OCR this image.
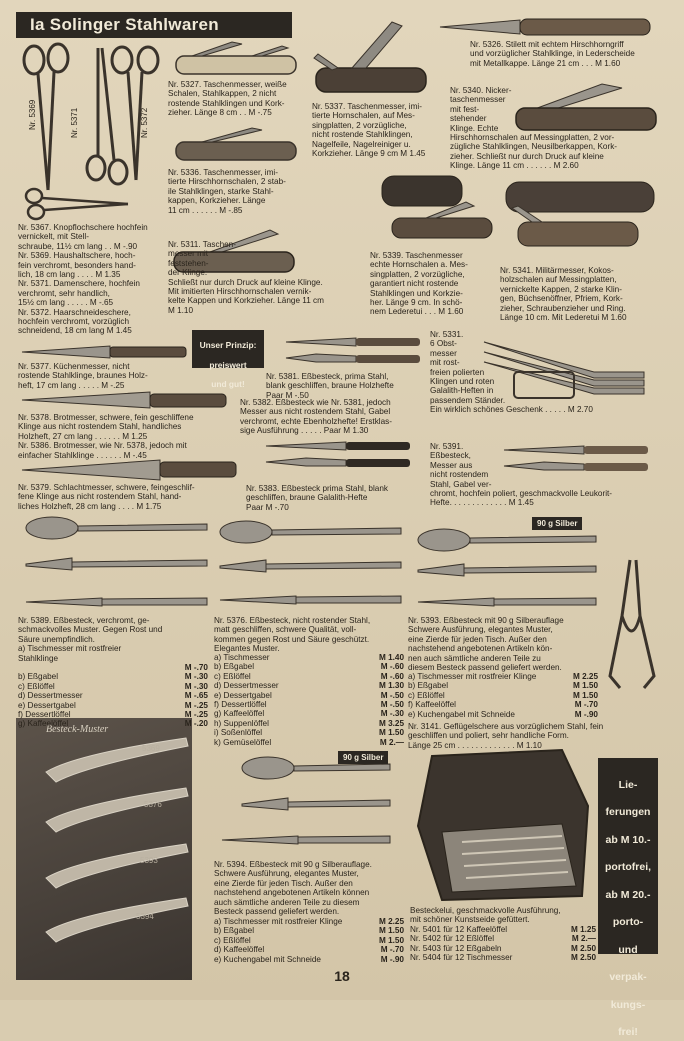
Ia Solinger Stahlwaren
Nr. 5369	Nr. 5371	Nr. 5372
Besteck-Muster
5369
5376
5393
5394

Nr. 5367. Knopflochschere hochfein vernickelt, mit Stell-

schraube, 11½ cm lang . . M -.90

Nr. 5369. Haushaltschere, hoch-

fein verchromt, besonders hand-

lich, 18 cm lang . . . . M 1.35

Nr. 5371. Damenschere, hochfein

verchromt, sehr handlich,

15½ cm lang . . . . . M -.65

Nr. 5372. Haarschneideschere,

hochfein verchromt, vorzüglich

schneidend, 18 cm lang M 1.45

Nr. 5327. Taschenmesser, weiße

Schalen, Stahlkappen, 2 nicht

rostende Stahlklingen und Kork-

zieher. Länge 8 cm . . M -.75

Nr. 5336. Taschenmesser, imi-

tierte Hirschhornschalen, 2 stab-

ile Stahlklingen, starke Stahl-

kappen, Korkzieher. Länge

11 cm . . . . . . M -.85

Nr. 5337. Taschenmesser, imi-

tierte Hornschalen, auf Mes-

singplatten, 2 vorzügliche,

nicht rostende Stahlklingen,

Nagelfeile, Nagelreiniger u.

Korkzieher. Länge 9 cm M 1.45

Nr. 5326. Stilett mit echtem Hirschhorngriff

und vorzüglicher Stahlklinge, in Lederscheide

mit Metallkappe. Länge 21 cm . . . M 1.60

Nr. 5340. Nicker-

taschenmesser

mit fest-

stehender

Klinge. Echte

Hirschhornschalen auf Messingplatten, 2 vor-

zügliche Stahlklingen, Neusilberkappen, Kork-

zieher. Schließt nur durch Druck auf kleine

Klinge. Länge 11 cm . . . . . . M 2.60

Nr. 5311. Taschen-

messer mit

feststehen-

der Klinge.

Schließt nur durch Druck auf kleine Klinge.

Mit imitierten Hirschhornschalen vernik-

kelte Kappen und Korkzieher. Länge 11 cm

M 1.10

Nr. 5339. Taschenmesser

echte Hornschalen a. Mes-

singplatten, 2 vorzügliche,

garantiert nicht rostende

Stahlklingen und Korkzie-

her. Länge 9 cm. In schö-

nem Lederetui . . . M 1.60

Nr. 5341. Militärmesser, Kokos-

holzschalen auf Messingplatten,

vernickelte Kappen, 2 starke Klin-

gen, Büchsenöffner, Pfriem, Kork-

zieher, Schraubenzieher und Ring.

Länge 10 cm. Mit Lederetui M 1.60

Unser Prinzip:

preiswert

und gut!

Nr. 5377. Küchenmesser, nicht

rostende Stahlklinge, braunes Holz-

heft, 17 cm lang . . . . . M -.25

Nr. 5381. Eßbesteck, prima Stahl,

blank geschliffen, braune Holzhefte

Paar M -.50

Nr. 5331.

6 Obst-

messer

mit rost-

freien polierten

Klingen und roten

Galalith-Heften in

passendem Ständer.

Ein wirklich schönes Geschenk . . . . . M 2.70

Nr. 5378. Brotmesser, schwere, fein geschliffene

Klinge aus nicht rostendem Stahl, handliches

Holzheft, 27 cm lang . . . . . . M 1.25

Nr. 5386. Brotmesser, wie Nr. 5378, jedoch mit

einfacher Stahlklinge . . . . . . M -.45

Nr. 5382. Eßbesteck wie Nr. 5381, jedoch

Messer aus nicht rostendem Stahl, Gabel

verchromt, echte Ebenholzhefte! Erstklas-

sige Ausführung . . . . . Paar M 1.30

Nr. 5391.

Eßbesteck,

Messer aus

nicht rostendem

Stahl, Gabel ver-

chromt, hochfein poliert, geschmackvolle Leukorit-

Hefte. . . . . . . . . . . . . M 1.45

Nr. 5379. Schlachtmesser, schwere, feingeschlif-

fene Klinge aus nicht rostendem Stahl, hand-

liches Holzheft, 28 cm lang . . . . M 1.75

Nr. 5383. Eßbesteck prima Stahl, blank

geschliffen, braune Galalith-Hefte

Paar M -.70

90 g Silber

Nr. 5389. Eßbesteck, verchromt, ge-

schmackvolles Muster. Gegen Rost und

Säure unempfindlich.

a) Tischmesser mit rostfreier

Stahlklinge

M -.70
b) Eßgabel	M -.30
c) Eßlöffel	M -.30
d) Dessertmesser	M -.65
e) Dessertgabel	M -.25
f) Dessertlöffel	M -.25
g) Kaffeelöffel	M -.20

Nr. 5376. Eßbesteck, nicht rostender Stahl,

matt geschliffen, schwere Qualität, voll-

kommen gegen Rost und Säure geschützt.

Elegantes Muster.

a) Tischmesser	M 1.40
b) Eßgabel	M -.60
c) Eßlöffel	M -.60
d) Dessertmesser	M 1.30
e) Dessertgabel	M -.50
f) Dessertlöffel	M -.50
g) Kaffeelöffel	M -.30
h) Suppenlöffel	M 3.25
i) Soßenlöffel	M 1.50
k) Gemüselöffel	M 2.—

Nr. 5393. Eßbesteck mit 90 g Silberauflage

Schwere Ausführung, elegantes Muster,

eine Zierde für jeden Tisch. Außer den

nachstehend angebotenen Artikeln kön-

nen auch sämtliche anderen Teile zu

diesem Besteck passend geliefert werden.

a) Tischmesser mit rostfreier Klinge	M 2.25
b) Eßgabel	M 1.50
c) Eßlöffel	M 1.50
f) Kaffeelöffel	M -.70
e) Kuchengabel mit Schneide	M -.90

Nr. 3141. Geflügelschere aus vorzüglichem Stahl, fein

geschliffen und poliert, sehr handliche Form.

Länge 25 cm . . . . . . . . . . . . . M 1.10

90 g Silber

Nr. 5394. Eßbesteck mit 90 g Silberauflage.

Schwere Ausführung, elegantes Muster,

eine Zierde für jeden Tisch. Außer den

nachstehend angebotenen Artikeln können

auch sämtliche anderen Teile zu diesem

Besteck passend geliefert werden.

a) Tischmesser mit rostfreier Klinge	M 2.25
b) Eßgabel	M 1.50
c) Eßlöffel	M 1.50
d) Kaffeelöffel	M -.70
e) Kuchengabel mit Schneide	M -.90

Besteckelui, geschmackvolle Ausführung,

mit schöner Kunstseide gefüttert.

Nr. 5401 für 12 Kaffeelöffel	M 1.25
Nr. 5402 für 12 Eßlöffel	M 2.—
Nr. 5403 für 12 Eßgabeln	M 2.50
Nr. 5404 für 12 Tischmesser	M 2.50

Lie-

ferungen

ab M 10.-

portofrei,

ab M 20.-

porto-

und

verpak-

kungs-

frei!

18
